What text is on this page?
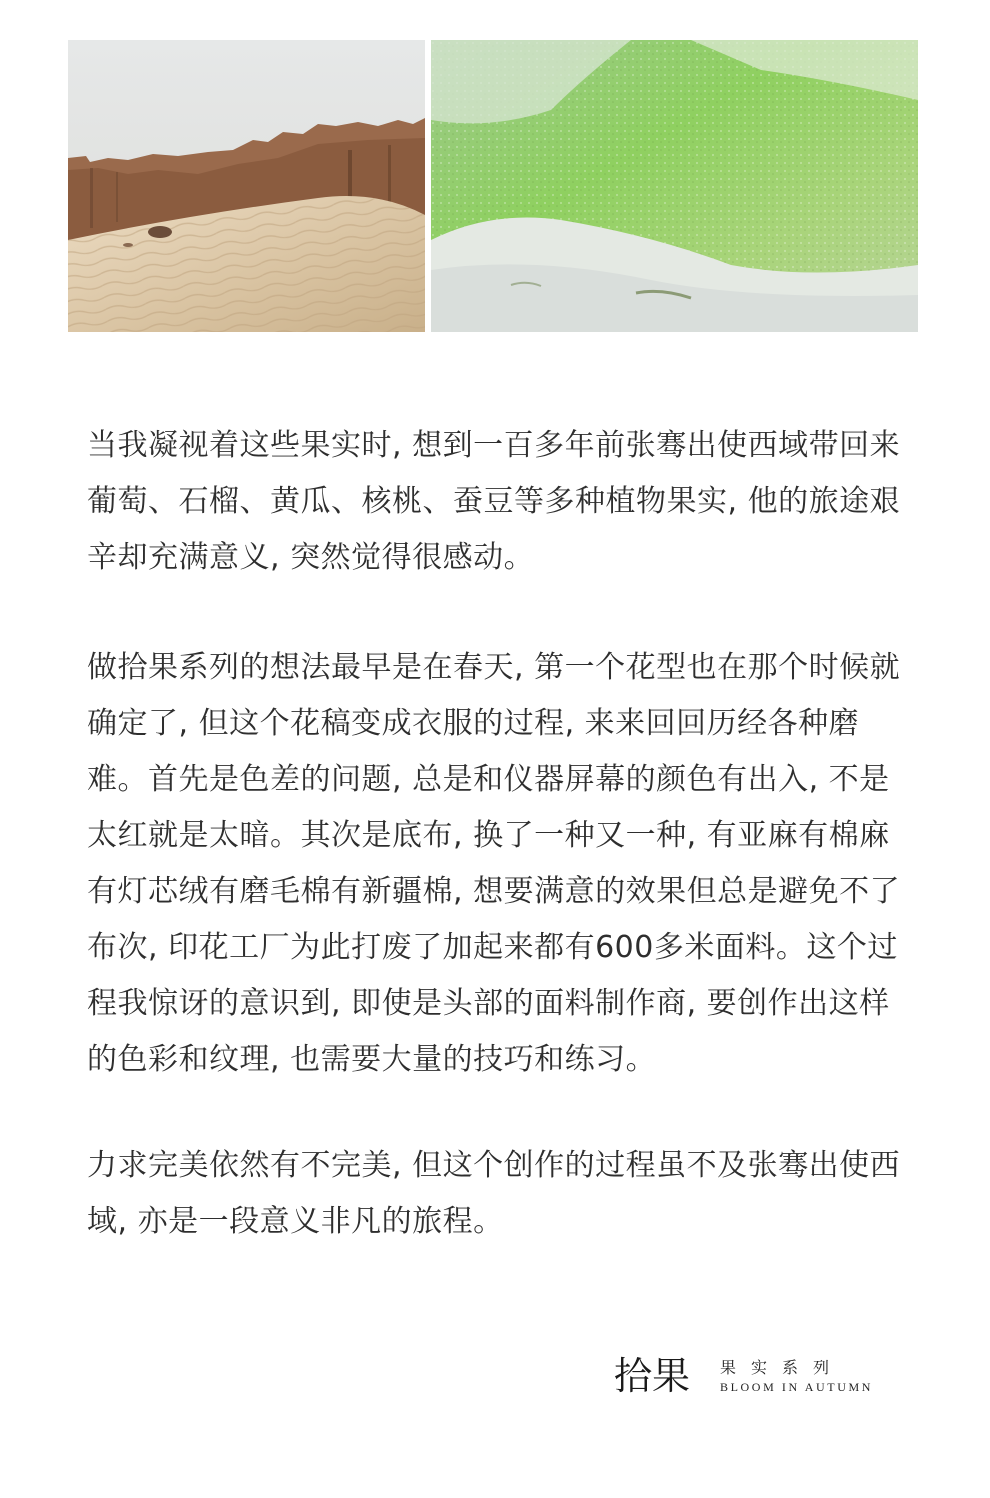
当我凝视着这些果实时, 想到一百多年前张骞出使西域带回来葡萄、石榴、黄瓜、核桃、蚕豆等多种植物果实, 他的旅途艰辛却充满意义, 突然觉得很感动。

做拾果系列的想法最早是在春天, 第一个花型也在那个时候就确定了, 但这个花稿变成衣服的过程, 来来回回历经各种磨难。首先是色差的问题, 总是和仪器屏幕的颜色有出入, 不是太红就是太暗。其次是底布, 换了一种又一种, 有亚麻有棉麻有灯芯绒有磨毛棉有新疆棉, 想要满意的效果但总是避免不了布次, 印花工厂为此打废了加起来都有600多米面料。这个过程我惊讶的意识到, 即使是头部的面料制作商, 要创作出这样的色彩和纹理, 也需要大量的技巧和练习。

力求完美依然有不完美, 但这个创作的过程虽不及张骞出使西域, 亦是一段意义非凡的旅程。

拾果 果实系列
BLOOM IN AUTUMN
